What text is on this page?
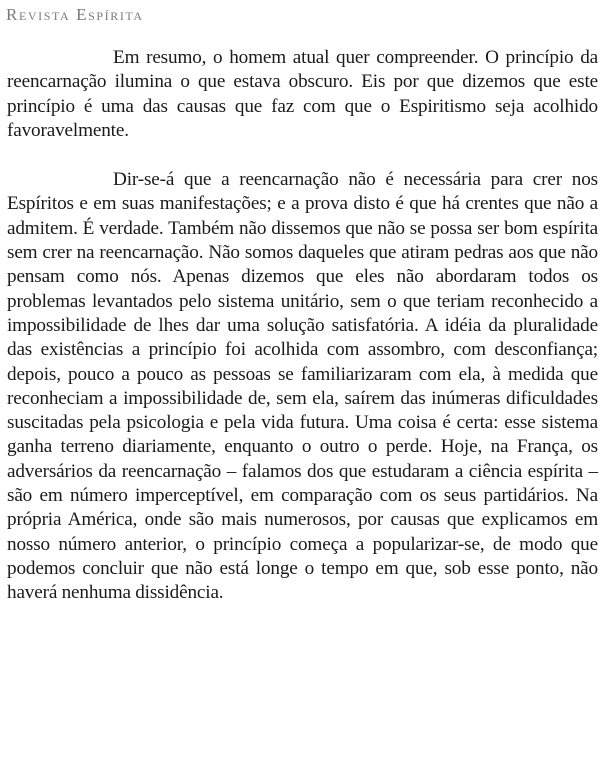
Revista Espírita

Em resumo, o homem atual quer compreender. O princípio da reencarnação ilumina o que estava obscuro. Eis por que dizemos que este princípio é uma das causas que faz com que o Espiritismo seja acolhido favoravelmente.

Dir-se-á que a reencarnação não é necessária para crer nos Espíritos e em suas manifestações; e a prova disto é que há crentes que não a admitem. É verdade. Também não dissemos que não se possa ser bom espírita sem crer na reencarnação. Não somos daqueles que atiram pedras aos que não pensam como nós. Apenas dizemos que eles não abordaram todos os problemas levantados pelo sistema unitário, sem o que teriam reconhecido a impossibilidade de lhes dar uma solução satisfatória. A idéia da pluralidade das existências a princípio foi acolhida com assombro, com desconfiança; depois, pouco a pouco as pessoas se familiarizaram com ela, à medida que reconheciam a impossibilidade de, sem ela, saírem das inúmeras dificuldades suscitadas pela psicologia e pela vida futura. Uma coisa é certa: esse sistema ganha terreno diariamente, enquanto o outro o perde. Hoje, na França, os adversários da reencarnação – falamos dos que estudaram a ciência espírita – são em número imperceptível, em comparação com os seus partidários. Na própria América, onde são mais numerosos, por causas que explicamos em nosso número anterior, o princípio começa a popularizar-se, de modo que podemos concluir que não está longe o tempo em que, sob esse ponto, não haverá nenhuma dissidência.
